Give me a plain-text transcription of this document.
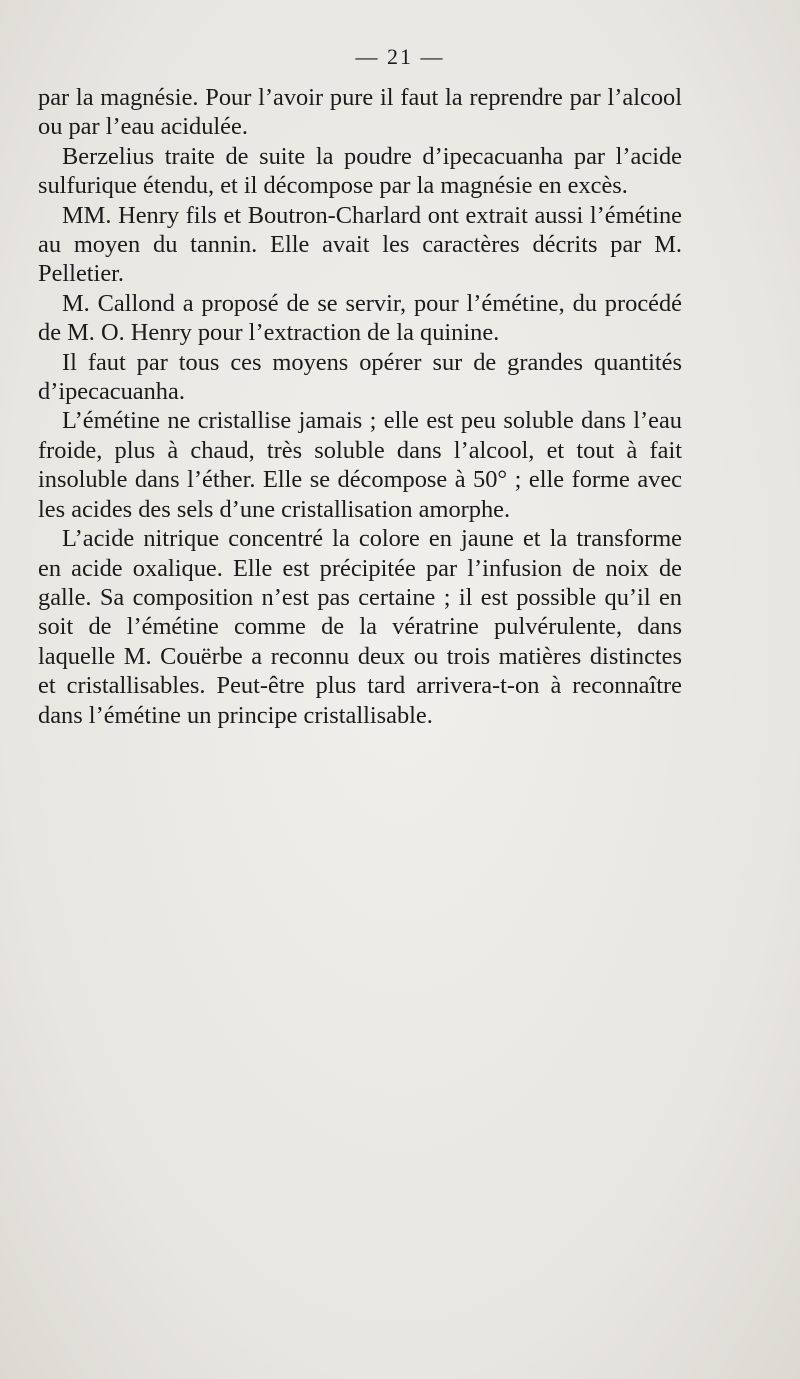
— 21 —

par la magnésie. Pour l’avoir pure il faut la reprendre par l’alcool ou par l’eau acidulée.

Berzelius traite de suite la poudre d’ipecacuanha par l’acide sulfurique étendu, et il décompose par la magnésie en excès.

MM. Henry fils et Boutron-Charlard ont extrait aussi l’émétine au moyen du tannin. Elle avait les caractères décrits par M. Pelletier.

M. Callond a proposé de se servir, pour l’émétine, du procédé de M. O. Henry pour l’extraction de la quinine.

Il faut par tous ces moyens opérer sur de grandes quantités d’ipecacuanha.

L’émétine ne cristallise jamais ; elle est peu soluble dans l’eau froide, plus à chaud, très soluble dans l’alcool, et tout à fait insoluble dans l’éther. Elle se décompose à 50° ; elle forme avec les acides des sels d’une cristallisation amorphe.

L’acide nitrique concentré la colore en jaune et la transforme en acide oxalique. Elle est précipitée par l’infusion de noix de galle. Sa composition n’est pas certaine ; il est possible qu’il en soit de l’émétine comme de la vératrine pulvérulente, dans laquelle M. Couërbe a reconnu deux ou trois matières distinctes et cristallisables. Peut-être plus tard arrivera-t-on à reconnaître dans l’émétine un principe cristallisable.
